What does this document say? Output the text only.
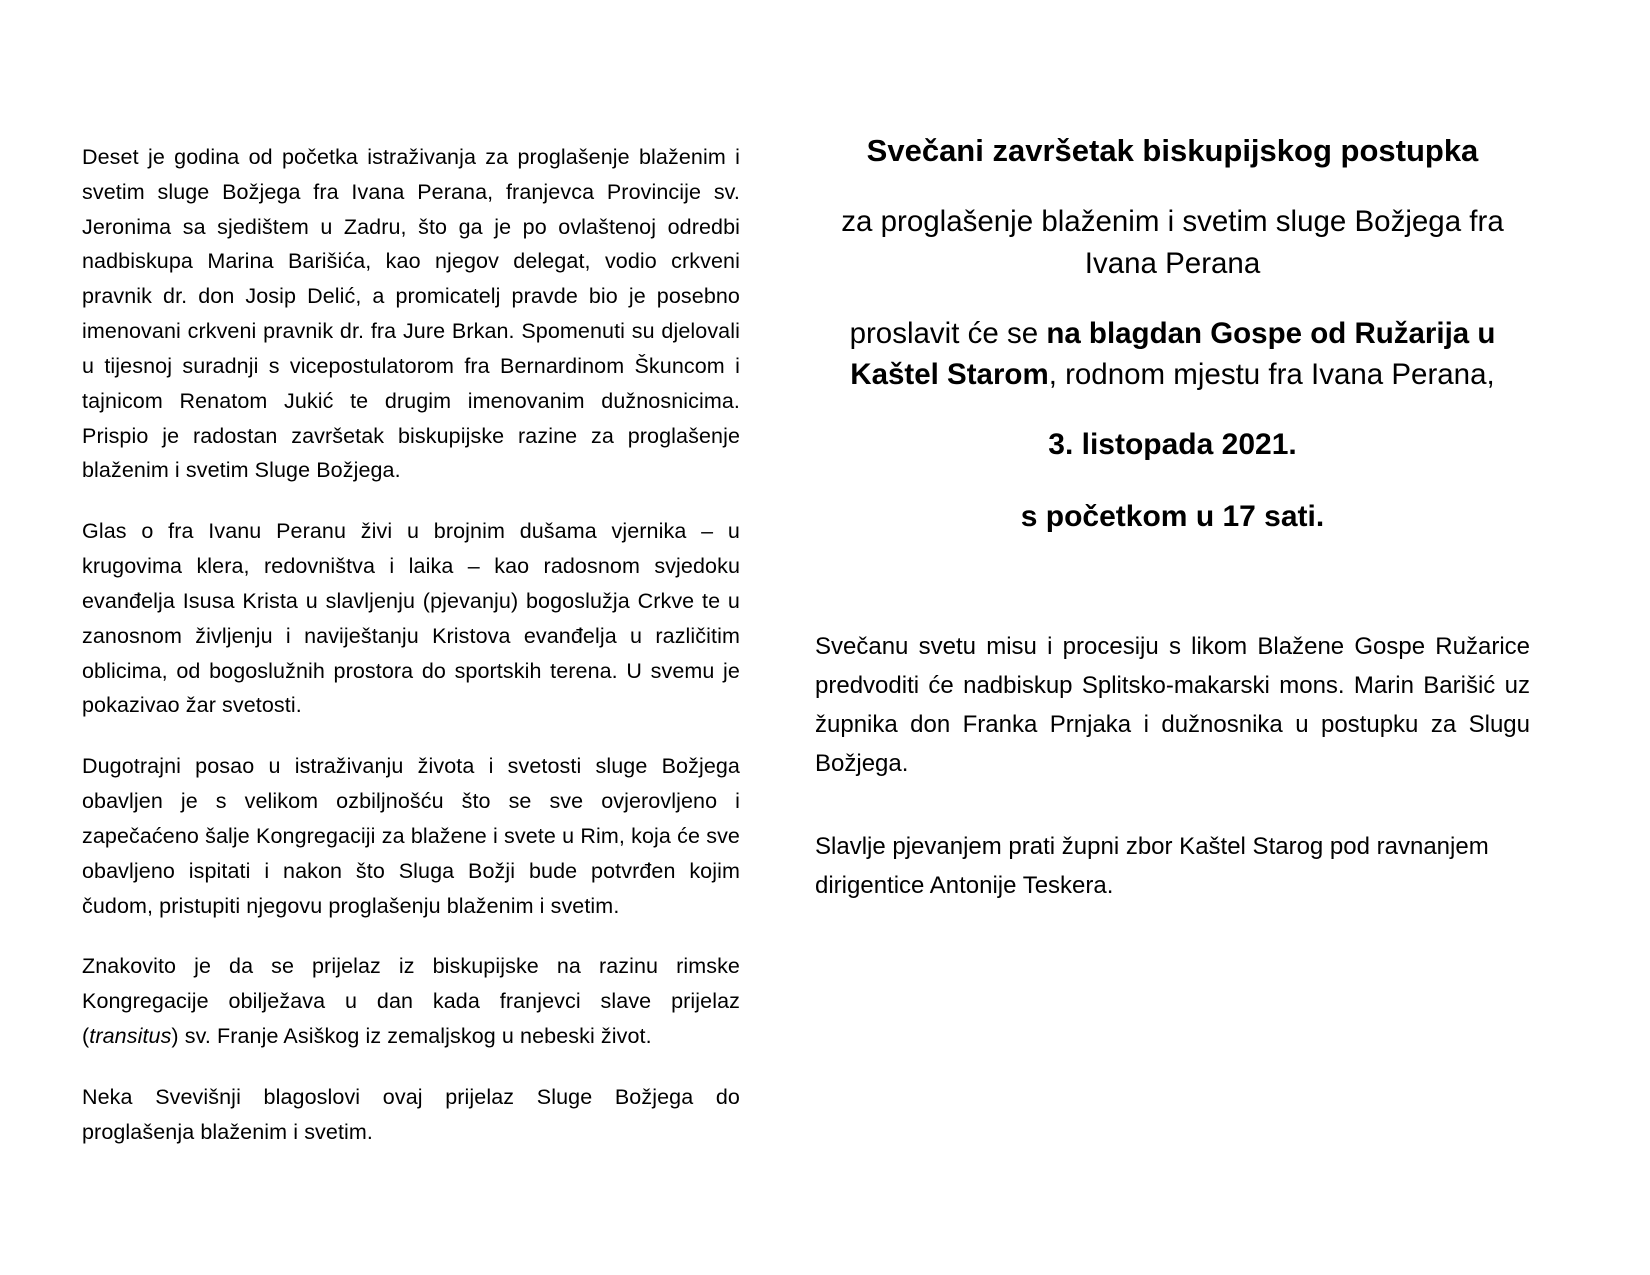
Deset je godina od početka istraživanja za proglašenje blaženim i svetim sluge Božjega fra Ivana Perana, franjevca Provincije sv. Jeronima sa sjedištem u Zadru, što ga je po ovlaštenoj odredbi nadbiskupa Marina Barišića, kao njegov delegat, vodio crkveni pravnik dr. don Josip Delić, a promicatelj pravde bio je posebno imenovani crkveni pravnik dr. fra Jure Brkan. Spomenuti su djelovali u tijesnoj suradnji s vicepostulatorom fra Bernardinom Škuncom i tajnicom Renatom Jukić te drugim imenovanim dužnosnicima. Prispio je radostan završetak biskupijske razine za proglašenje blaženim i svetim Sluge Božjega.

Glas o fra Ivanu Peranu živi u brojnim dušama vjernika – u krugovima klera, redovništva i laika – kao radosnom svjedoku evanđelja Isusa Krista u slavljenju (pjevanju) bogoslužja Crkve te u zanosnom življenju i naviještanju Kristova evanđelja u različitim oblicima, od bogoslužnih prostora do sportskih terena. U svemu je pokazivao žar svetosti.

Dugotrajni posao u istraživanju života i svetosti sluge Božjega obavljen je s velikom ozbiljnošću što se sve ovjerovljeno i zapečaćeno šalje Kongregaciji za blažene i svete u Rim, koja će sve obavljeno ispitati i nakon što Sluga Božji bude potvrđen kojim čudom, pristupiti njegovu proglašenju blaženim i svetim.

Znakovito je da se prijelaz iz biskupijske na razinu rimske Kongregacije obilježava u dan kada franjevci slave prijelaz (transitus) sv. Franje Asiškog iz zemaljskog u nebeski život.

Neka Svevišnji blagoslovi ovaj prijelaz Sluge Božjega do proglašenja blaženim i svetim.

Svečani završetak biskupijskog postupka

za proglašenje blaženim i svetim sluge Božjega fra Ivana Perana

proslavit će se na blagdan Gospe od Ružarija u Kaštel Starom, rodnom mjestu fra Ivana Perana,

3. listopada 2021.

s početkom u 17 sati.

Svečanu svetu misu i procesiju s likom Blažene Gospe Ružarice predvoditi će nadbiskup Splitsko-makarski mons. Marin Barišić uz župnika don Franka Prnjaka i dužnosnika u postupku za Slugu Božjega.

Slavlje pjevanjem prati župni zbor Kaštel Starog pod ravnanjem dirigentice Antonije Teskera.
